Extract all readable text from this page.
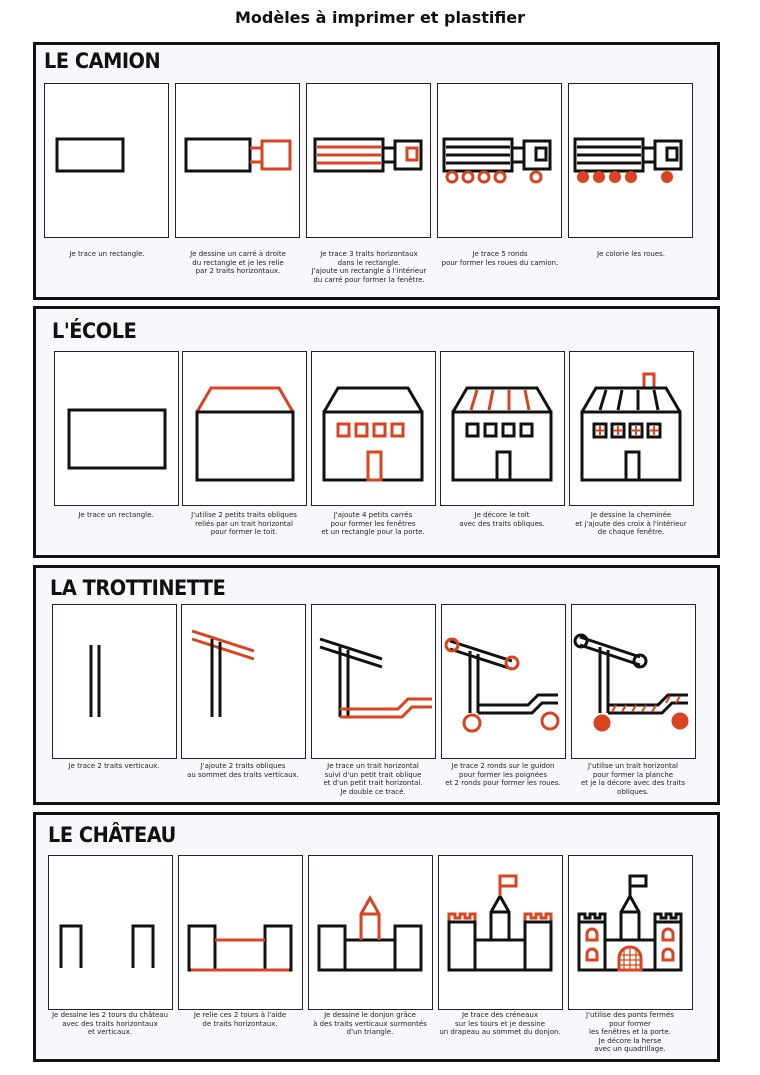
Modèles à imprimer et plastifier
LE CAMION
Je trace un rectangle.	Je dessine un carré à droite
du rectangle et je les relie
par 2 traits horizontaux.
Je trace 3 traits horizontaux
dans le rectangle.
J'ajoute un rectangle à l'intérieur
du carré pour former la fenêtre.
Je trace 5 ronds
pour former les roues du camion.
Je colorie les roues.
L'ÉCOLE
Je trace un rectangle.	J'utilise 2 petits traits obliques
reliés par un trait horizontal
pour former le toit.
J'ajoute 4 petits carrés
pour former les fenêtres
et un rectangle pour la porte.
Je décore le toit
avec des traits obliques.
Je dessine la cheminée
et j'ajoute des croix à l'intérieur
de chaque fenêtre.
LA TROTTINETTE
Je trace 2 traits verticaux.	J'ajoute 2 traits obliques
au sommet des traits verticaux.
Je trace un trait horizontal
suivi d'un petit trait oblique
et d'un petit trait horizontal.
Je double ce tracé.
Je trace 2 ronds sur le guidon
pour former les poignées
et 2 ronds pour former les roues.
J'utilise un trait horizontal
pour former la planche
et je la décore avec des traits
obliques.
LE CHÂTEAU
Je dessine les 2 tours du château
avec des traits horizontaux
et verticaux.
Je relie ces 2 tours à l'aide
de traits horizontaux.
Je dessine le donjon grâce
à des traits verticaux surmontés
d'un triangle.
Je trace des créneaux
sur les tours et je dessine
un drapeau au sommet du donjon.
J'utilise des ponts fermés
pour former
les fenêtres et la porte.
Je décore la herse
avec un quadrillage.
